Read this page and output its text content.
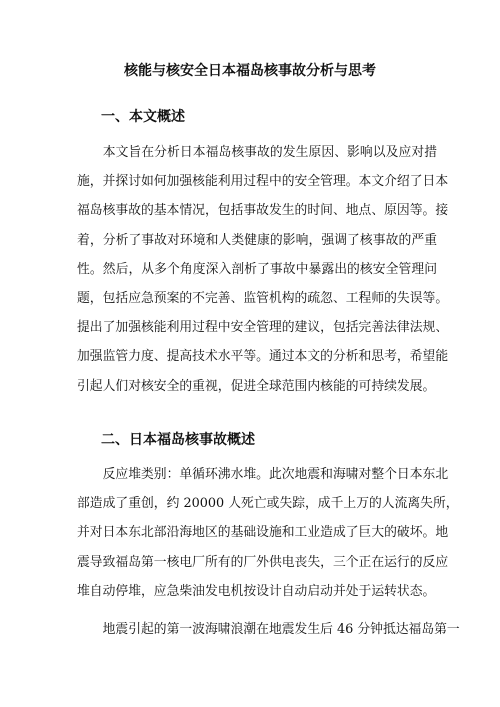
核能与核安全日本福岛核事故分析与思考
一、本文概述
　　本文旨在分析日本福岛核事故的发生原因、影响以及应对措
施，并探讨如何加强核能利用过程中的安全管理。本文介绍了日本
福岛核事故的基本情况，包括事故发生的时间、地点、原因等。接
着，分析了事故对环境和人类健康的影响，强调了核事故的严重
性。然后，从多个角度深入剖析了事故中暴露出的核安全管理问
题，包括应急预案的不完善、监管机构的疏忽、工程师的失误等。
提出了加强核能利用过程中安全管理的建议，包括完善法律法规、
加强监管力度、提高技术水平等。通过本文的分析和思考，希望能
引起人们对核安全的重视，促进全球范围内核能的可持续发展。
二、日本福岛核事故概述
　　反应堆类别：单循环沸水堆。此次地震和海啸对整个日本东北
部造成了重创，约 20000 人死亡或失踪，成千上万的人流离失所，
并对日本东北部沿海地区的基础设施和工业造成了巨大的破坏。地
震导致福岛第一核电厂所有的厂外供电丧失，三个正在运行的反应
堆自动停堆，应急柴油发电机按设计自动启动并处于运转状态。
　　地震引起的第一波海啸浪潮在地震发生后 46 分钟抵达福岛第一
